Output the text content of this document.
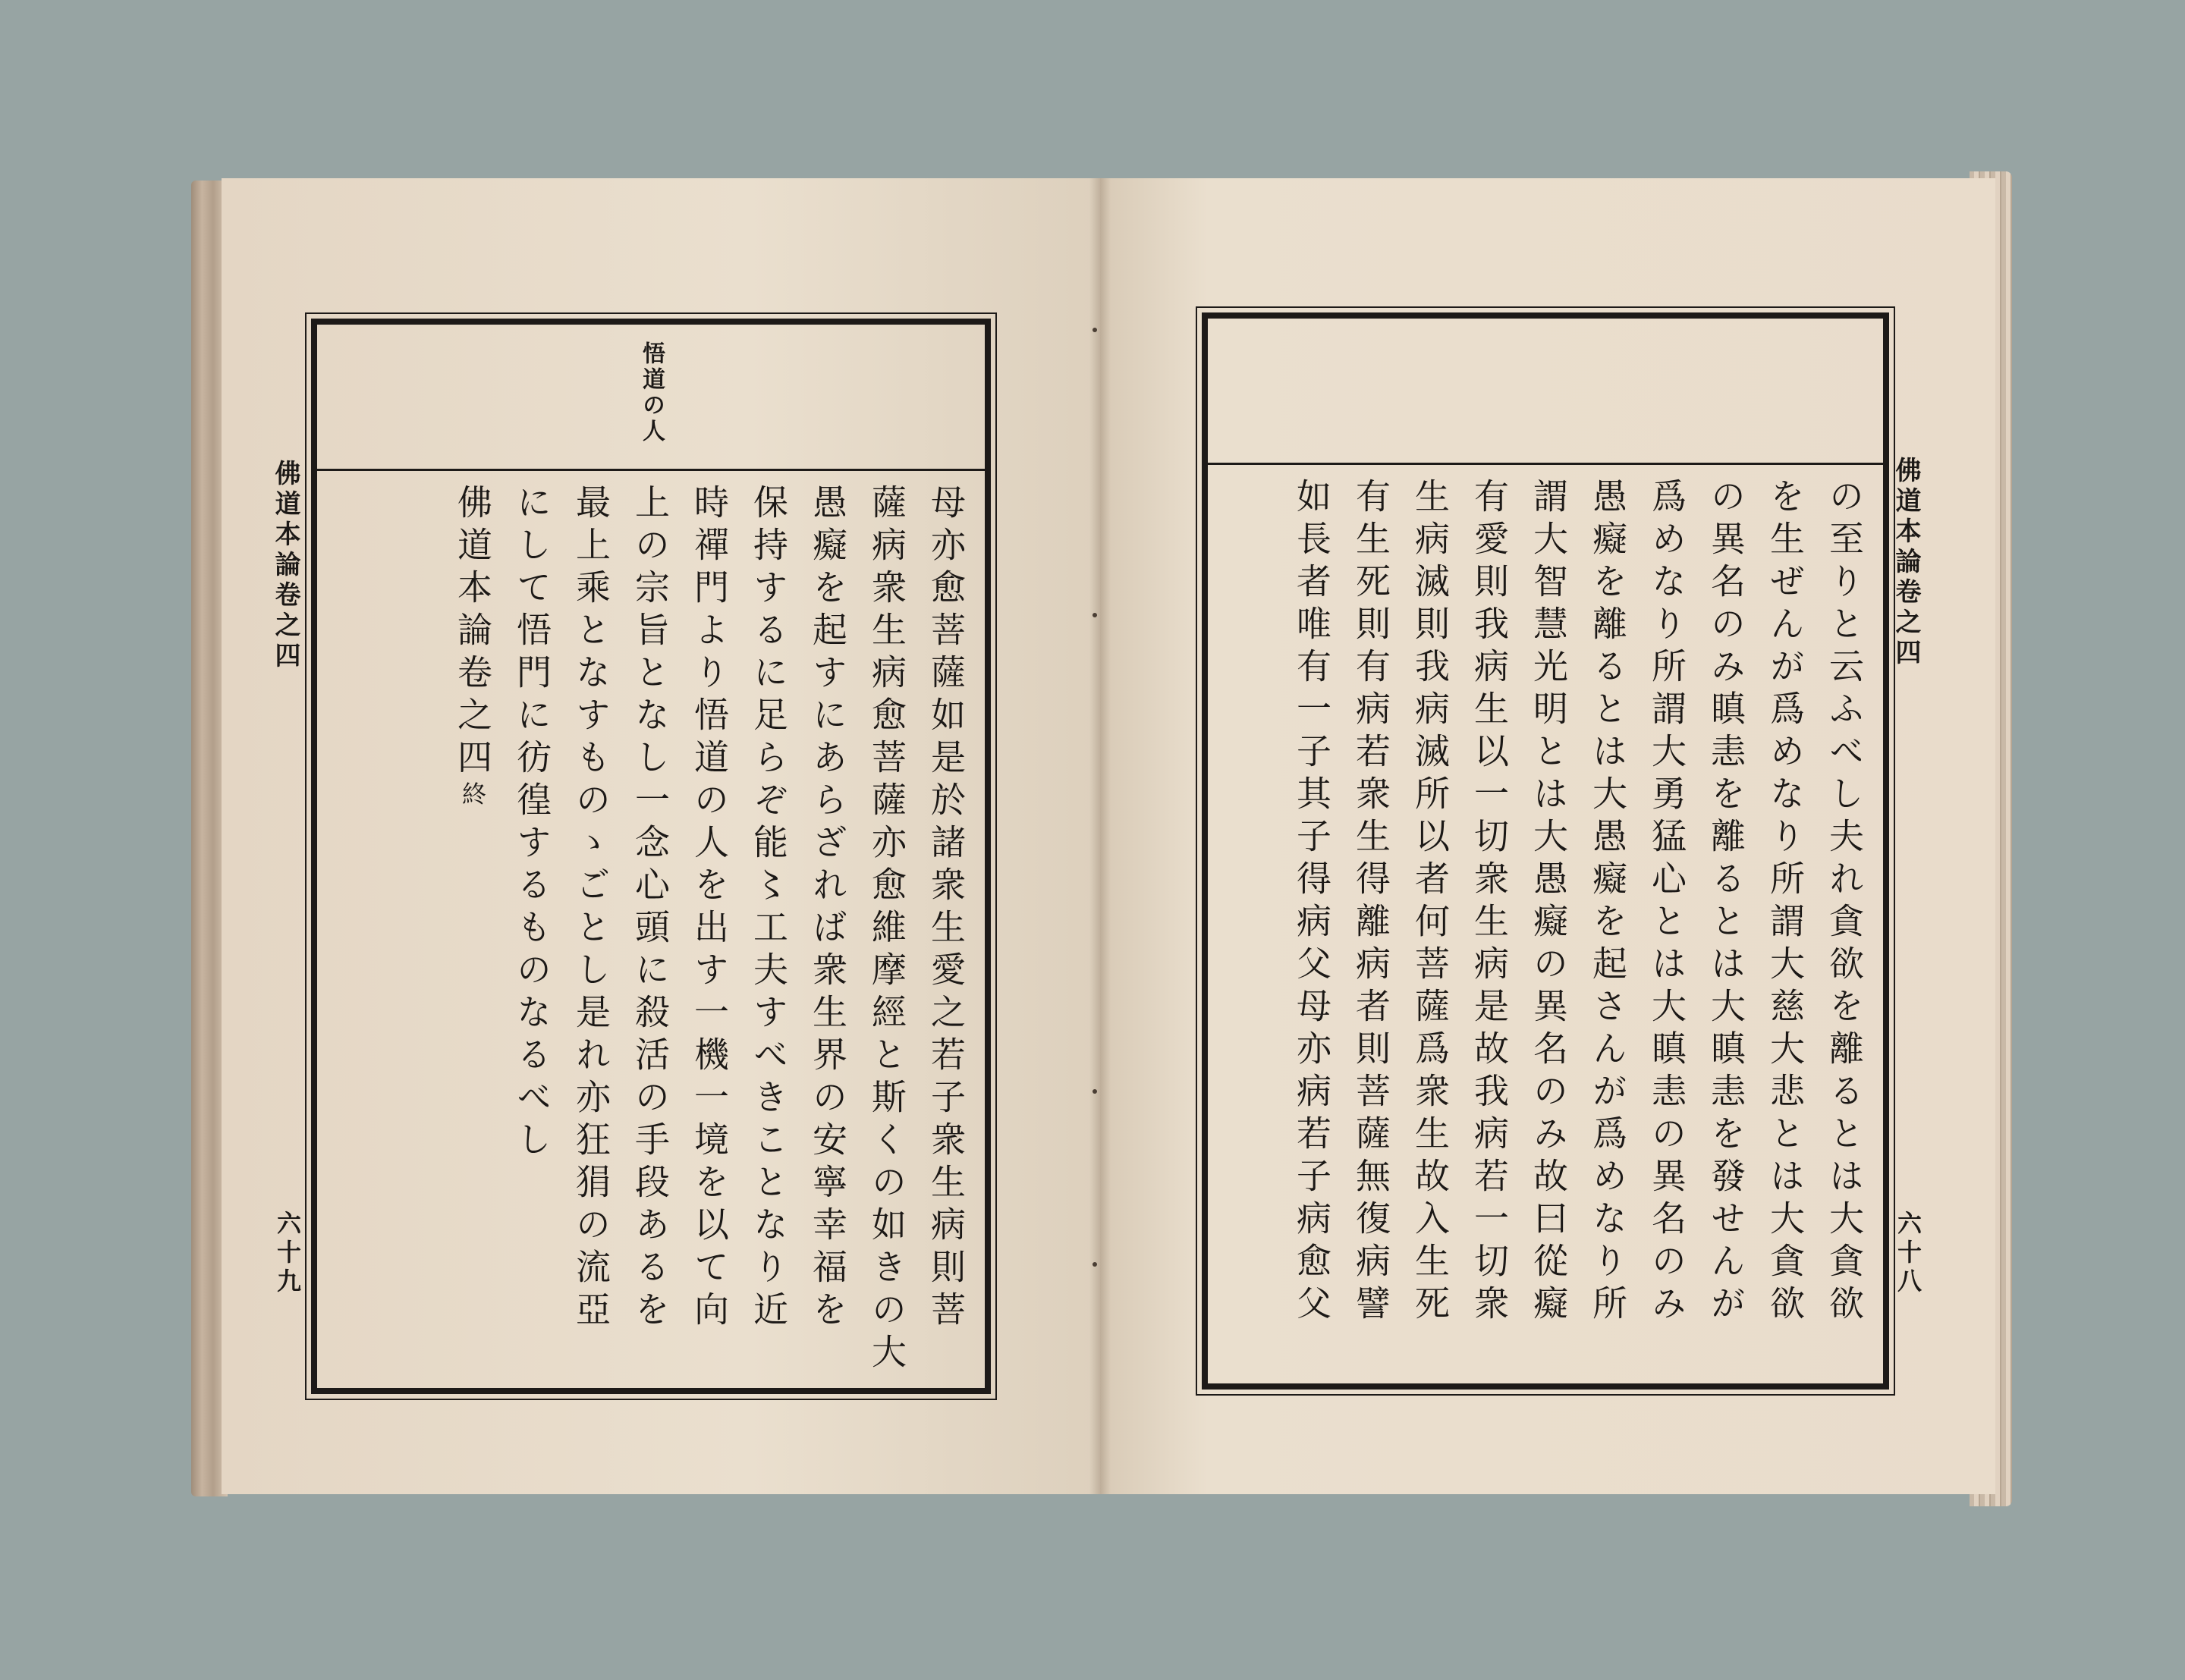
佛道本論卷之四
六十九
悟道の人
母亦愈菩薩如是於諸衆生愛之若子衆生病則菩
薩病衆生病愈菩薩亦愈維摩經と斯くの如きの大
愚癡を起すにあらざれば衆生界の安寧幸福を
保持するに足らぞ能〻工夫すべきことなり近
時禪門より悟道の人を出す一機一境を以て向
上の宗旨となし一念心頭に殺活の手段あるを
最上乘となすものゝごとし是れ亦狂狷の流亞
にして悟門に彷徨するものなるべし
佛道本論卷之四終
佛道本論卷之四
六十八
の至りと云ふべし夫れ貪欲を離るとは大貪欲
を生ぜんが爲めなり所謂大慈大悲とは大貪欲
の異名のみ瞋恚を離るとは大瞋恚を發せんが
爲めなり所謂大勇猛心とは大瞋恚の異名のみ
愚癡を離るとは大愚癡を起さんが爲めなり所
謂大智慧光明とは大愚癡の異名のみ故曰從癡
有愛則我病生以一切衆生病是故我病若一切衆
生病滅則我病滅所以者何菩薩爲衆生故入生死
有生死則有病若衆生得離病者則菩薩無復病譬
如長者唯有一子其子得病父母亦病若子病愈父
